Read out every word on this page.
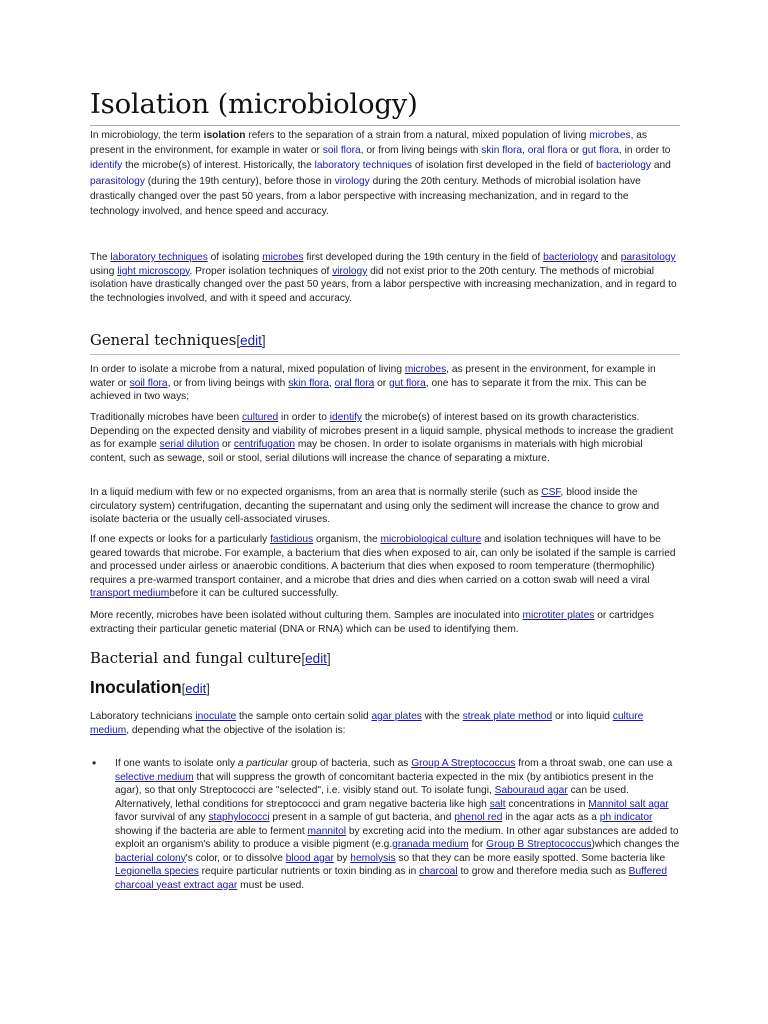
Isolation (microbiology)

In microbiology, the term isolation refers to the separation of a strain from a natural, mixed population of living microbes, as present in the environment, for example in water or soil flora, or from living beings with skin flora, oral flora or gut flora, in order to identify the microbe(s) of interest. Historically, the laboratory techniques of isolation first developed in the field of bacteriology and parasitology (during the 19th century), before those in virology during the 20th century. Methods of microbial isolation have drastically changed over the past 50 years, from a labor perspective with increasing mechanization, and in regard to the technology involved, and hence speed and accuracy.

The laboratory techniques of isolating microbes first developed during the 19th century in the field of bacteriology and parasitology using light microscopy. Proper isolation techniques of virology did not exist prior to the 20th century. The methods of microbial isolation have drastically changed over the past 50 years, from a labor perspective with increasing mechanization, and in regard to the technologies involved, and with it speed and accuracy.

General techniques[edit]

In order to isolate a microbe from a natural, mixed population of living microbes, as present in the environment, for example in water or soil flora, or from living beings with skin flora, oral flora or gut flora, one has to separate it from the mix. This can be achieved in two ways;

Traditionally microbes have been cultured in order to identify the microbe(s) of interest based on its growth characteristics. Depending on the expected density and viability of microbes present in a liquid sample, physical methods to increase the gradient as for example serial dilution or centrifugation may be chosen. In order to isolate organisms in materials with high microbial content, such as sewage, soil or stool, serial dilutions will increase the chance of separating a mixture.

In a liquid medium with few or no expected organisms, from an area that is normally sterile (such as CSF, blood inside the circulatory system) centrifugation, decanting the supernatant and using only the sediment will increase the chance to grow and isolate bacteria or the usually cell-associated viruses.

If one expects or looks for a particularly fastidious organism, the microbiological culture and isolation techniques will have to be geared towards that microbe. For example, a bacterium that dies when exposed to air, can only be isolated if the sample is carried and processed under airless or anaerobic conditions. A bacterium that dies when exposed to room temperature (thermophilic) requires a pre-warmed transport container, and a microbe that dries and dies when carried on a cotton swab will need a viral transport mediumbefore it can be cultured successfully.

More recently, microbes have been isolated without culturing them. Samples are inoculated into microtiter plates or cartridges extracting their particular genetic material (DNA or RNA) which can be used to identifying them.

Bacterial and fungal culture[edit]
Inoculation[edit]

Laboratory technicians inoculate the sample onto certain solid agar plates with the streak plate method or into liquid culture medium, depending what the objective of the isolation is:

• If one wants to isolate only a particular group of bacteria, such as Group A Streptococcus from a throat swab, one can use a selective medium that will suppress the growth of concomitant bacteria expected in the mix (by antibiotics present in the agar), so that only Streptococci are "selected", i.e. visibly stand out. To isolate fungi, Sabouraud agar can be used. Alternatively, lethal conditions for streptococci and gram negative bacteria like high salt concentrations in Mannitol salt agar favor survival of any staphylococci present in a sample of gut bacteria, and phenol red in the agar acts as a ph indicator showing if the bacteria are able to ferment mannitol by excreting acid into the medium. In other agar substances are added to exploit an organism's ability to produce a visible pigment (e.g.granada medium for Group B Streptococcus)which changes the bacterial colony's color, or to dissolve blood agar by hemolysis so that they can be more easily spotted. Some bacteria like Legionella species require particular nutrients or toxin binding as in charcoal to grow and therefore media such as Buffered charcoal yeast extract agar must be used.
